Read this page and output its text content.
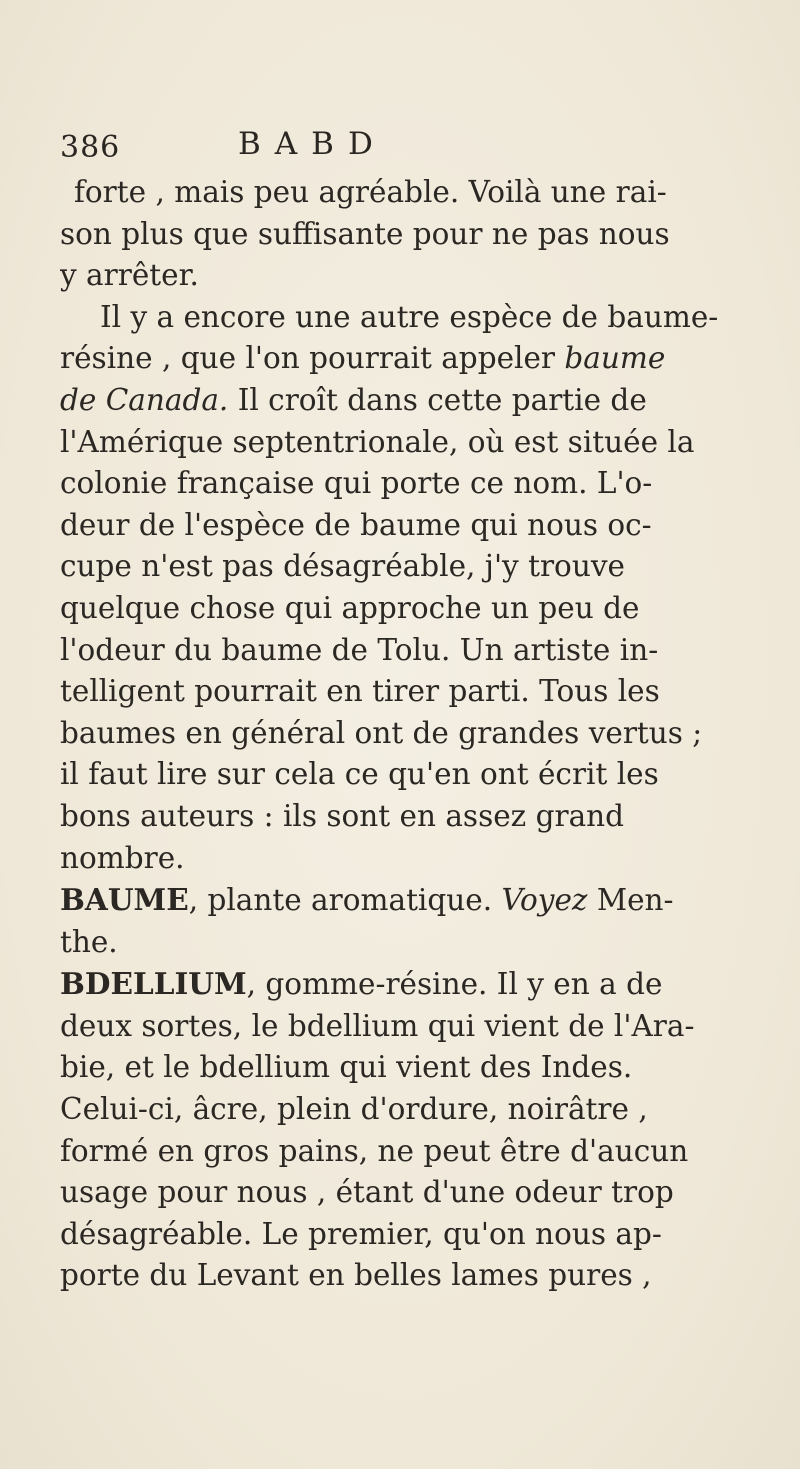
386	BABD
forte , mais peu agréable. Voilà une rai-
son plus que suffisante pour ne pas nous
y arrêter.
Il y a encore une autre espèce de baume-
résine , que l'on pourrait appeler baume
de Canada. Il croît dans cette partie de
l'Amérique septentrionale, où est située la
colonie française qui porte ce nom. L'o-
deur de l'espèce de baume qui nous oc-
cupe n'est pas désagréable, j'y trouve
quelque chose qui approche un peu de
l'odeur du baume de Tolu. Un artiste in-
telligent pourrait en tirer parti. Tous les
baumes en général ont de grandes vertus ;
il faut lire sur cela ce qu'en ont écrit les
bons auteurs : ils sont en assez grand
nombre.
BAUME, plante aromatique. Voyez Men-
the.
BDELLIUM, gomme-résine. Il y en a de
deux sortes, le bdellium qui vient de l'Ara-
bie, et le bdellium qui vient des Indes.
Celui-ci, âcre, plein d'ordure, noirâtre ,
formé en gros pains, ne peut être d'aucun
usage pour nous , étant d'une odeur trop
désagréable. Le premier, qu'on nous ap-
porte du Levant en belles lames pures ,
